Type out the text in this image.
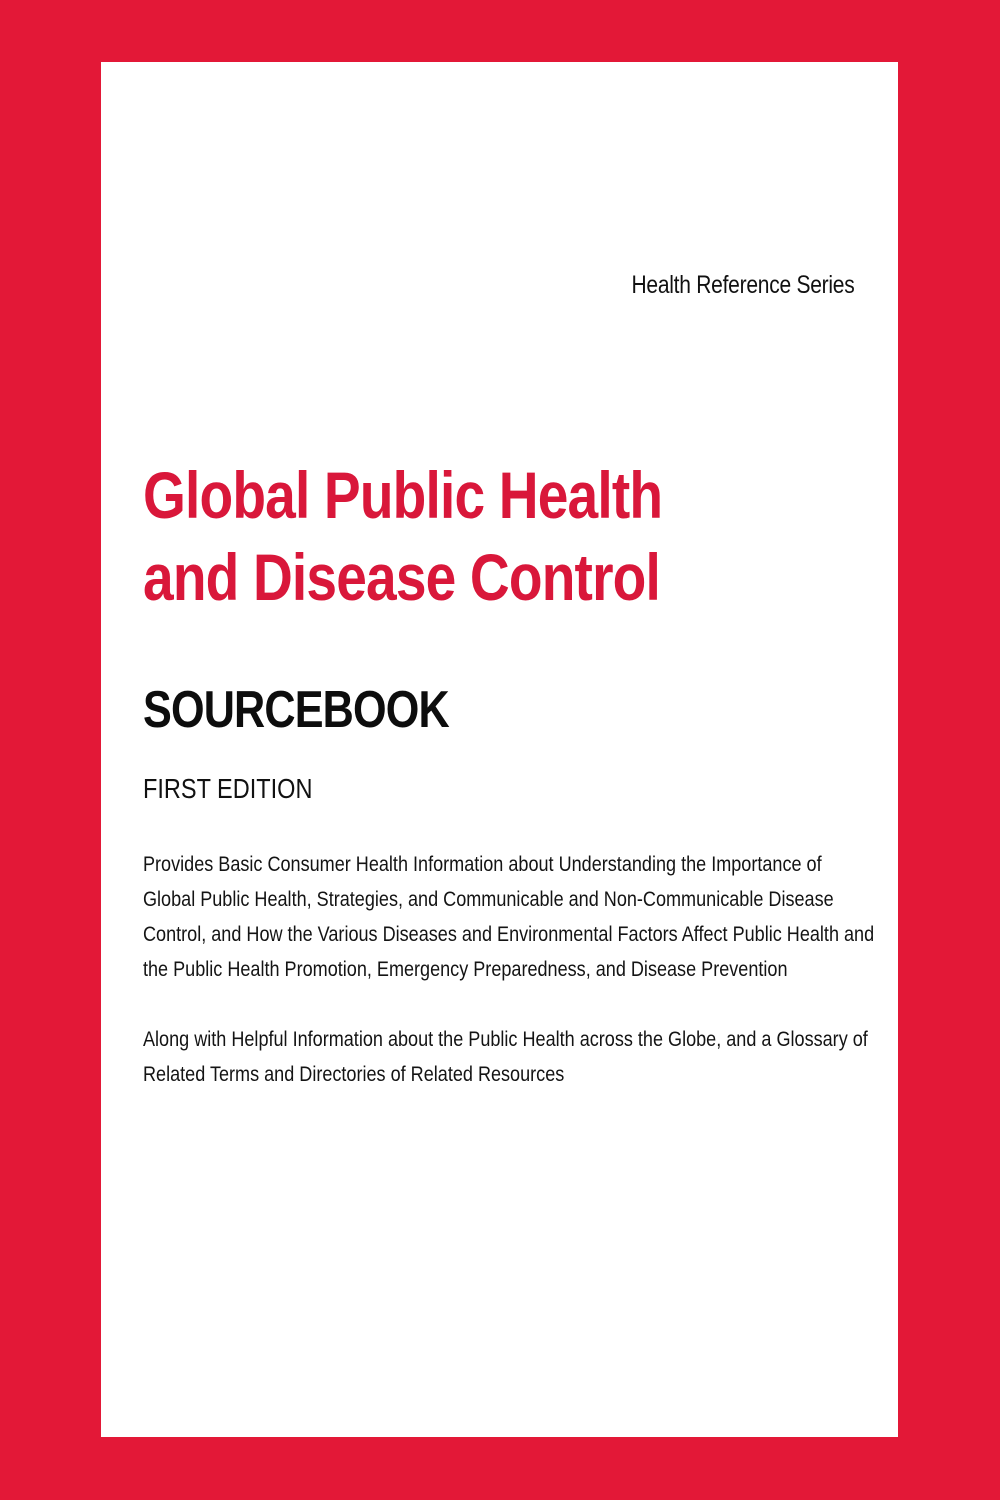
Health Reference Series
Global Public Health
and Disease Control
SOURCEBOOK
FIRST EDITION
Provides Basic Consumer Health Information about Understanding the Importance of
Global Public Health, Strategies, and Communicable and Non-Communicable Disease
Control, and How the Various Diseases and Environmental Factors Affect Public Health and
the Public Health Promotion, Emergency Preparedness, and Disease Prevention
Along with Helpful Information about the Public Health across the Globe, and a Glossary of
Related Terms and Directories of Related Resources
